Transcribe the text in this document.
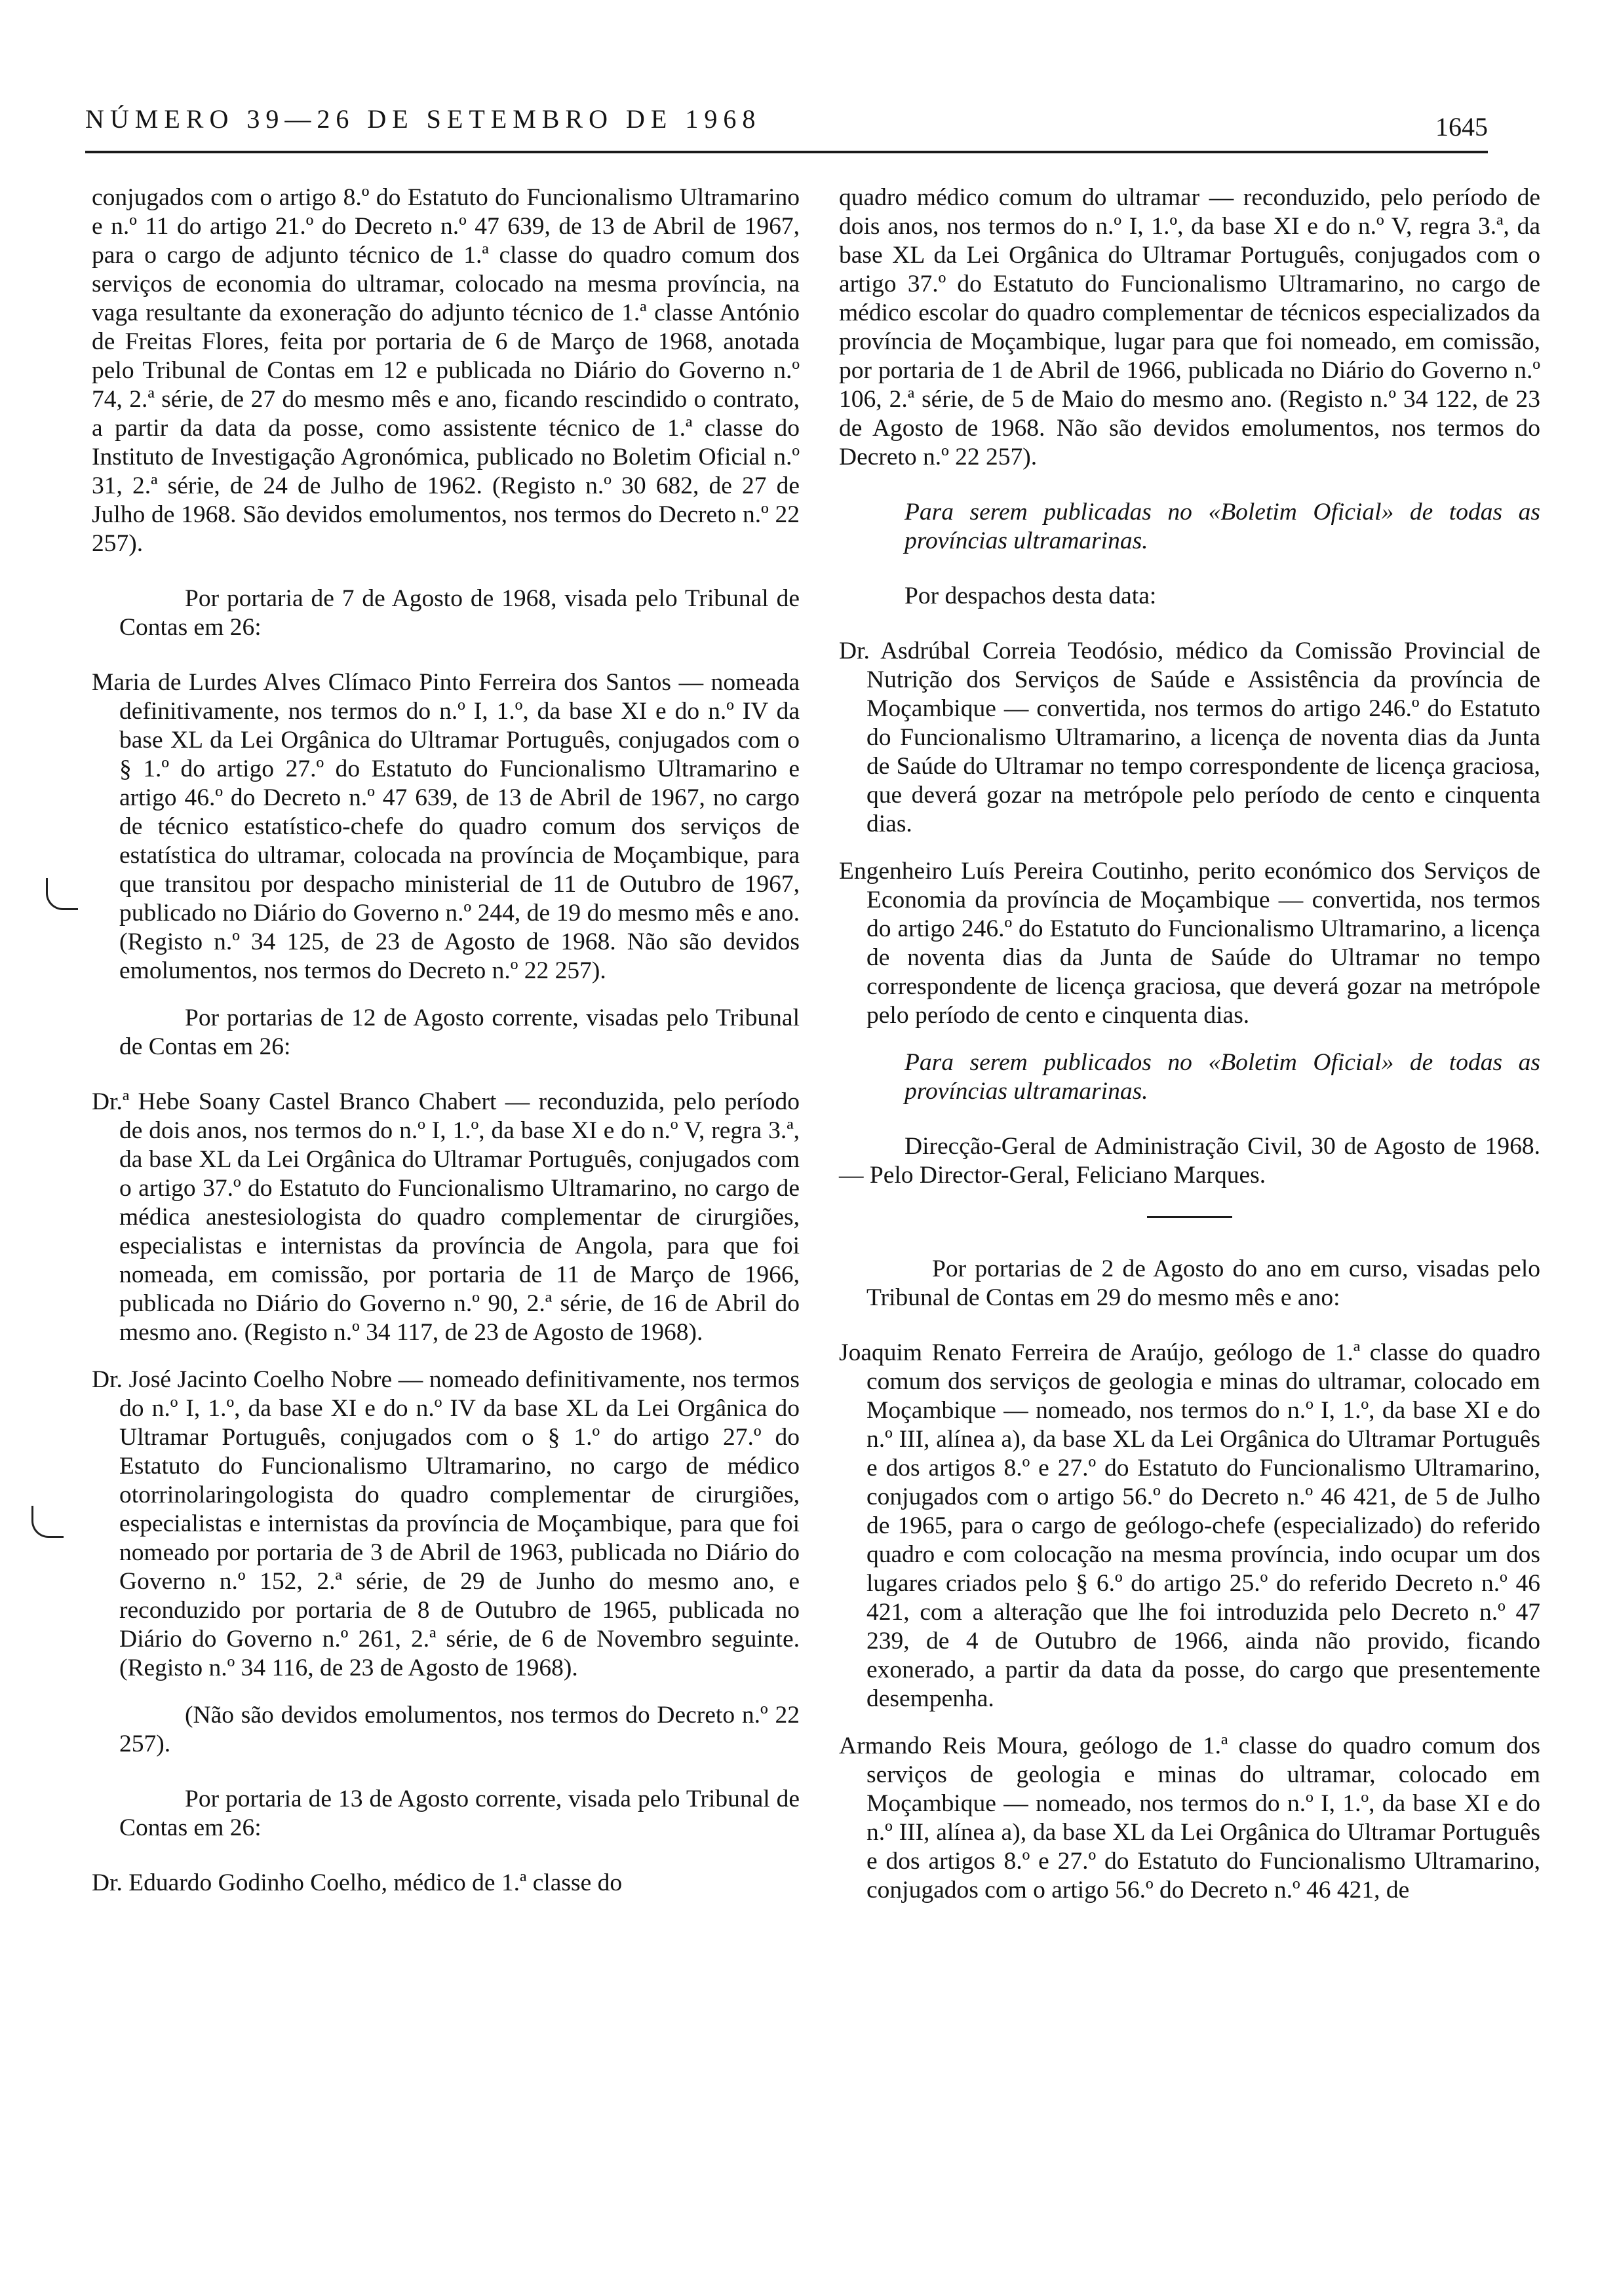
NÚMERO 39—26 DE SETEMBRO DE 1968	1645

conjugados com o artigo 8.º do Estatuto do Funcionalismo Ultramarino e n.º 11 do artigo 21.º do Decreto n.º 47 639, de 13 de Abril de 1967, para o cargo de adjunto técnico de 1.ª classe do quadro comum dos serviços de economia do ultramar, colocado na mesma província, na vaga resultante da exoneração do adjunto técnico de 1.ª classe António de Freitas Flores, feita por portaria de 6 de Março de 1968, anotada pelo Tribunal de Contas em 12 e publicada no Diário do Governo n.º 74, 2.ª série, de 27 do mesmo mês e ano, ficando rescindido o contrato, a partir da data da posse, como assistente técnico de 1.ª classe do Instituto de Investigação Agronómica, publicado no Boletim Oficial n.º 31, 2.ª série, de 24 de Julho de 1962. (Registo n.º 30 682, de 27 de Julho de 1968. São devidos emolumentos, nos termos do Decreto n.º 22 257).

Por portaria de 7 de Agosto de 1968, visada pelo Tribunal de Contas em 26:

Maria de Lurdes Alves Clímaco Pinto Ferreira dos Santos — nomeada definitivamente, nos termos do n.º I, 1.º, da base XI e do n.º IV da base XL da Lei Orgânica do Ultramar Português, conjugados com o § 1.º do artigo 27.º do Estatuto do Funcionalismo Ultramarino e artigo 46.º do Decreto n.º 47 639, de 13 de Abril de 1967, no cargo de técnico estatístico-chefe do quadro comum dos serviços de estatística do ultramar, colocada na província de Moçambique, para que transitou por despacho ministerial de 11 de Outubro de 1967, publicado no Diário do Governo n.º 244, de 19 do mesmo mês e ano. (Registo n.º 34 125, de 23 de Agosto de 1968. Não são devidos emolumentos, nos termos do Decreto n.º 22 257).

Por portarias de 12 de Agosto corrente, visadas pelo Tribunal de Contas em 26:

Dr.ª Hebe Soany Castel Branco Chabert — reconduzida, pelo período de dois anos, nos termos do n.º I, 1.º, da base XI e do n.º V, regra 3.ª, da base XL da Lei Orgânica do Ultramar Português, conjugados com o artigo 37.º do Estatuto do Funcionalismo Ultramarino, no cargo de médica anestesiologista do quadro complementar de cirurgiões, especialistas e internistas da província de Angola, para que foi nomeada, em comissão, por portaria de 11 de Março de 1966, publicada no Diário do Governo n.º 90, 2.ª série, de 16 de Abril do mesmo ano. (Registo n.º 34 117, de 23 de Agosto de 1968).

Dr. José Jacinto Coelho Nobre — nomeado definitivamente, nos termos do n.º I, 1.º, da base XI e do n.º IV da base XL da Lei Orgânica do Ultramar Português, conjugados com o § 1.º do artigo 27.º do Estatuto do Funcionalismo Ultramarino, no cargo de médico otorrinolaringologista do quadro complementar de cirurgiões, especialistas e internistas da província de Moçambique, para que foi nomeado por portaria de 3 de Abril de 1963, publicada no Diário do Governo n.º 152, 2.ª série, de 29 de Junho do mesmo ano, e reconduzido por portaria de 8 de Outubro de 1965, publicada no Diário do Governo n.º 261, 2.ª série, de 6 de Novembro seguinte. (Registo n.º 34 116, de 23 de Agosto de 1968).

(Não são devidos emolumentos, nos termos do Decreto n.º 22 257).

Por portaria de 13 de Agosto corrente, visada pelo Tribunal de Contas em 26:

Dr. Eduardo Godinho Coelho, médico de 1.ª classe do

quadro médico comum do ultramar — reconduzido, pelo período de dois anos, nos termos do n.º I, 1.º, da base XI e do n.º V, regra 3.ª, da base XL da Lei Orgânica do Ultramar Português, conjugados com o artigo 37.º do Estatuto do Funcionalismo Ultramarino, no cargo de médico escolar do quadro complementar de técnicos especializados da província de Moçambique, lugar para que foi nomeado, em comissão, por portaria de 1 de Abril de 1966, publicada no Diário do Governo n.º 106, 2.ª série, de 5 de Maio do mesmo ano. (Registo n.º 34 122, de 23 de Agosto de 1968. Não são devidos emolumentos, nos termos do Decreto n.º 22 257).

Para serem publicadas no «Boletim Oficial» de todas as províncias ultramarinas.

Por despachos desta data:

Dr. Asdrúbal Correia Teodósio, médico da Comissão Provincial de Nutrição dos Serviços de Saúde e Assistência da província de Moçambique — convertida, nos termos do artigo 246.º do Estatuto do Funcionalismo Ultramarino, a licença de noventa dias da Junta de Saúde do Ultramar no tempo correspondente de licença graciosa, que deverá gozar na metrópole pelo período de cento e cinquenta dias.

Engenheiro Luís Pereira Coutinho, perito económico dos Serviços de Economia da província de Moçambique — convertida, nos termos do artigo 246.º do Estatuto do Funcionalismo Ultramarino, a licença de noventa dias da Junta de Saúde do Ultramar no tempo correspondente de licença graciosa, que deverá gozar na metrópole pelo período de cento e cinquenta dias.

Para serem publicados no «Boletim Oficial» de todas as províncias ultramarinas.

Direcção-Geral de Administração Civil, 30 de Agosto de 1968. — Pelo Director-Geral, Feliciano Marques.

Por portarias de 2 de Agosto do ano em curso, visadas pelo Tribunal de Contas em 29 do mesmo mês e ano:

Joaquim Renato Ferreira de Araújo, geólogo de 1.ª classe do quadro comum dos serviços de geologia e minas do ultramar, colocado em Moçambique — nomeado, nos termos do n.º I, 1.º, da base XI e do n.º III, alínea a), da base XL da Lei Orgânica do Ultramar Português e dos artigos 8.º e 27.º do Estatuto do Funcionalismo Ultramarino, conjugados com o artigo 56.º do Decreto n.º 46 421, de 5 de Julho de 1965, para o cargo de geólogo-chefe (especializado) do referido quadro e com colocação na mesma província, indo ocupar um dos lugares criados pelo § 6.º do artigo 25.º do referido Decreto n.º 46 421, com a alteração que lhe foi introduzida pelo Decreto n.º 47 239, de 4 de Outubro de 1966, ainda não provido, ficando exonerado, a partir da data da posse, do cargo que presentemente desempenha.

Armando Reis Moura, geólogo de 1.ª classe do quadro comum dos serviços de geologia e minas do ultramar, colocado em Moçambique — nomeado, nos termos do n.º I, 1.º, da base XI e do n.º III, alínea a), da base XL da Lei Orgânica do Ultramar Português e dos artigos 8.º e 27.º do Estatuto do Funcionalismo Ultramarino, conjugados com o artigo 56.º do Decreto n.º 46 421, de
